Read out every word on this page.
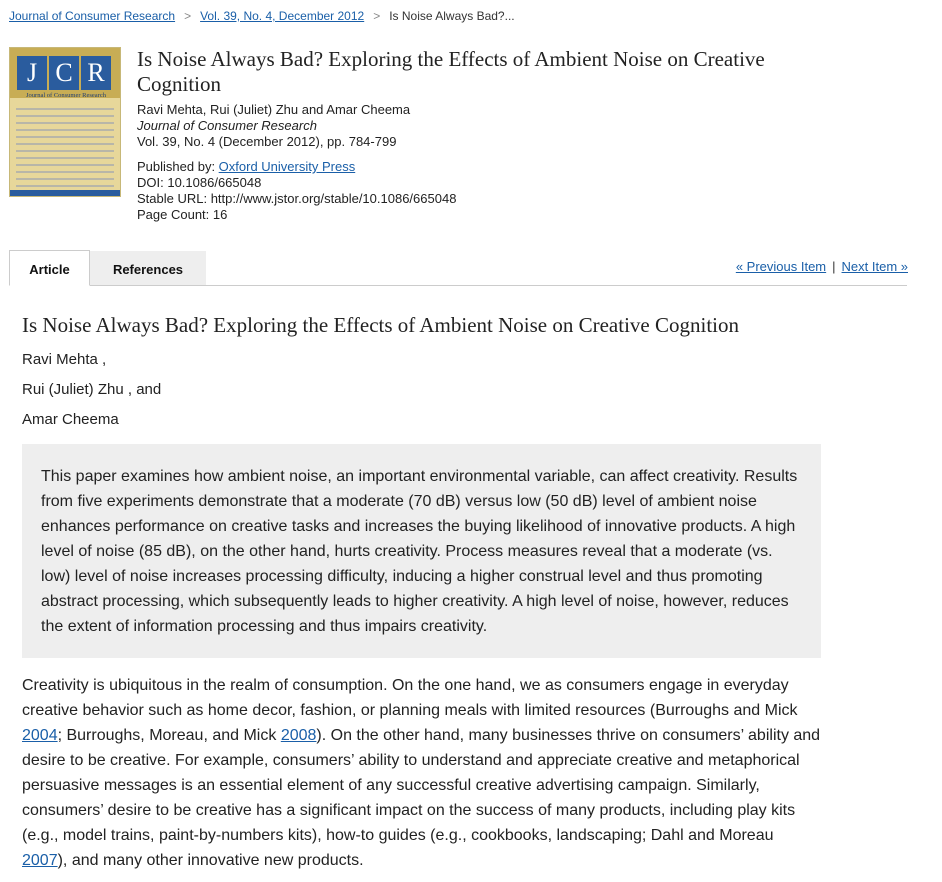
Journal of Consumer Research > Vol. 39, No. 4, December 2012 > Is Noise Always Bad?...
J C R
Journal of Consumer Research
Is Noise Always Bad? Exploring the Effects of Ambient Noise on Creative Cognition
Ravi Mehta, Rui (Juliet) Zhu and Amar Cheema
Journal of Consumer Research
Vol. 39, No. 4 (December 2012), pp. 784-799
Published by: Oxford University Press
DOI: 10.1086/665048
Stable URL: http://www.jstor.org/stable/10.1086/665048
Page Count: 16
Article	References	« Previous Item | Next Item »
Is Noise Always Bad? Exploring the Effects of Ambient Noise on Creative Cognition
Ravi Mehta ,
Rui (Juliet) Zhu , and
Amar Cheema
This paper examines how ambient noise, an important environmental variable, can affect creativity. Results from five experiments demonstrate that a moderate (70 dB) versus low (50 dB) level of ambient noise enhances performance on creative tasks and increases the buying likelihood of innovative products. A high level of noise (85 dB), on the other hand, hurts creativity. Process measures reveal that a moderate (vs. low) level of noise increases processing difficulty, inducing a higher construal level and thus promoting abstract processing, which subsequently leads to higher creativity. A high level of noise, however, reduces the extent of information processing and thus impairs creativity.
Creativity is ubiquitous in the realm of consumption. On the one hand, we as consumers engage in everyday creative behavior such as home decor, fashion, or planning meals with limited resources (Burroughs and Mick 2004; Burroughs, Moreau, and Mick 2008). On the other hand, many businesses thrive on consumers’ ability and desire to be creative. For example, consumers’ ability to understand and appreciate creative and metaphorical persuasive messages is an essential element of any successful creative advertising campaign. Similarly, consumers’ desire to be creative has a significant impact on the success of many products, including play kits (e.g., model trains, paint-by-numbers kits), how-to guides (e.g., cookbooks, landscaping; Dahl and Moreau 2007), and many other innovative new products.
